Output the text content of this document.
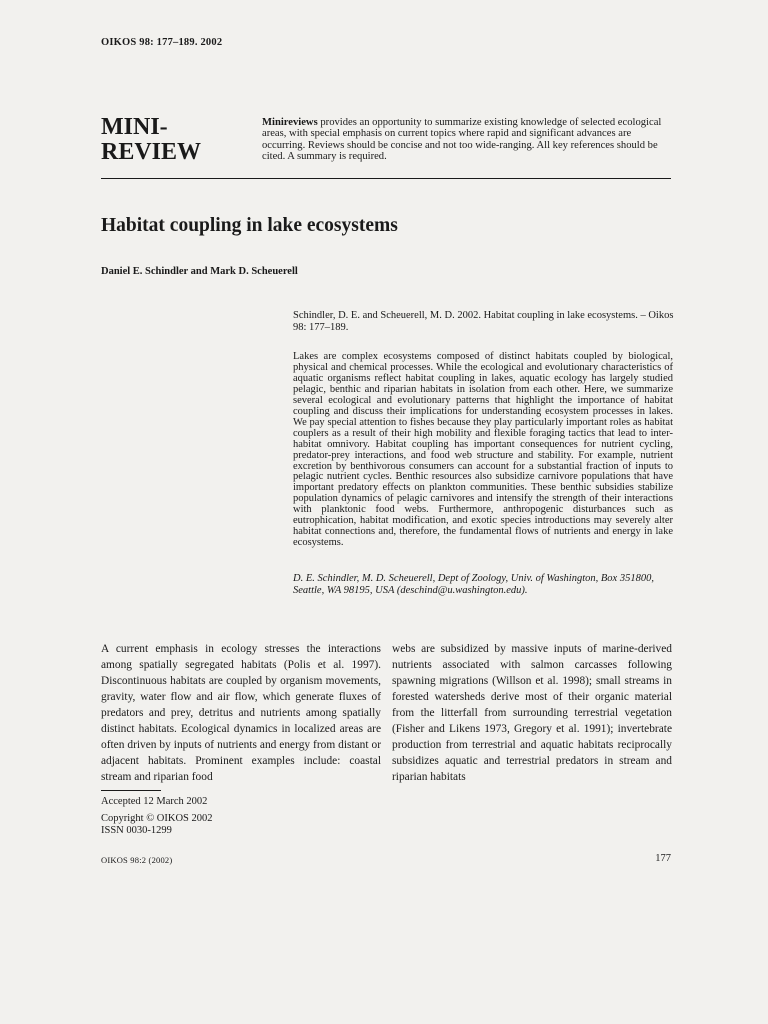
OIKOS 98: 177–189. 2002
MINI-
REVIEW
Minireviews provides an opportunity to summarize existing knowledge of selected ecological areas, with special emphasis on current topics where rapid and significant advances are occurring. Reviews should be concise and not too wide-ranging. All key references should be cited. A summary is required.
Habitat coupling in lake ecosystems
Daniel E. Schindler and Mark D. Scheuerell
Schindler, D. E. and Scheuerell, M. D. 2002. Habitat coupling in lake ecosystems. – Oikos 98: 177–189.
Lakes are complex ecosystems composed of distinct habitats coupled by biological, physical and chemical processes. While the ecological and evolutionary characteristics of aquatic organisms reflect habitat coupling in lakes, aquatic ecology has largely studied pelagic, benthic and riparian habitats in isolation from each other. Here, we summarize several ecological and evolutionary patterns that highlight the importance of habitat coupling and discuss their implications for understanding ecosystem processes in lakes. We pay special attention to fishes because they play particularly important roles as habitat couplers as a result of their high mobility and flexible foraging tactics that lead to inter-habitat omnivory. Habitat coupling has important consequences for nutrient cycling, predator-prey interactions, and food web structure and stability. For example, nutrient excretion by benthivorous consumers can account for a substantial fraction of inputs to pelagic nutrient cycles. Benthic resources also subsidize carnivore populations that have important predatory effects on plankton communities. These benthic subsidies stabilize population dynamics of pelagic carnivores and intensify the strength of their interactions with planktonic food webs. Furthermore, anthropogenic disturbances such as eutrophication, habitat modification, and exotic species introductions may severely alter habitat connections and, therefore, the fundamental flows of nutrients and energy in lake ecosystems.
D. E. Schindler, M. D. Scheuerell, Dept of Zoology, Univ. of Washington, Box 351800, Seattle, WA 98195, USA (deschind@u.washington.edu).
A current emphasis in ecology stresses the interactions among spatially segregated habitats (Polis et al. 1997). Discontinuous habitats are coupled by organism movements, gravity, water flow and air flow, which generate fluxes of predators and prey, detritus and nutrients among spatially distinct habitats. Ecological dynamics in localized areas are often driven by inputs of nutrients and energy from distant or adjacent habitats. Prominent examples include: coastal stream and riparian food
webs are subsidized by massive inputs of marine-derived nutrients associated with salmon carcasses following spawning migrations (Willson et al. 1998); small streams in forested watersheds derive most of their organic material from the litterfall from surrounding terrestrial vegetation (Fisher and Likens 1973, Gregory et al. 1991); invertebrate production from terrestrial and aquatic habitats reciprocally subsidizes aquatic and terrestrial predators in stream and riparian habitats
Accepted 12 March 2002
Copyright © OIKOS 2002
ISSN 0030-1299
OIKOS 98:2 (2002)	177
